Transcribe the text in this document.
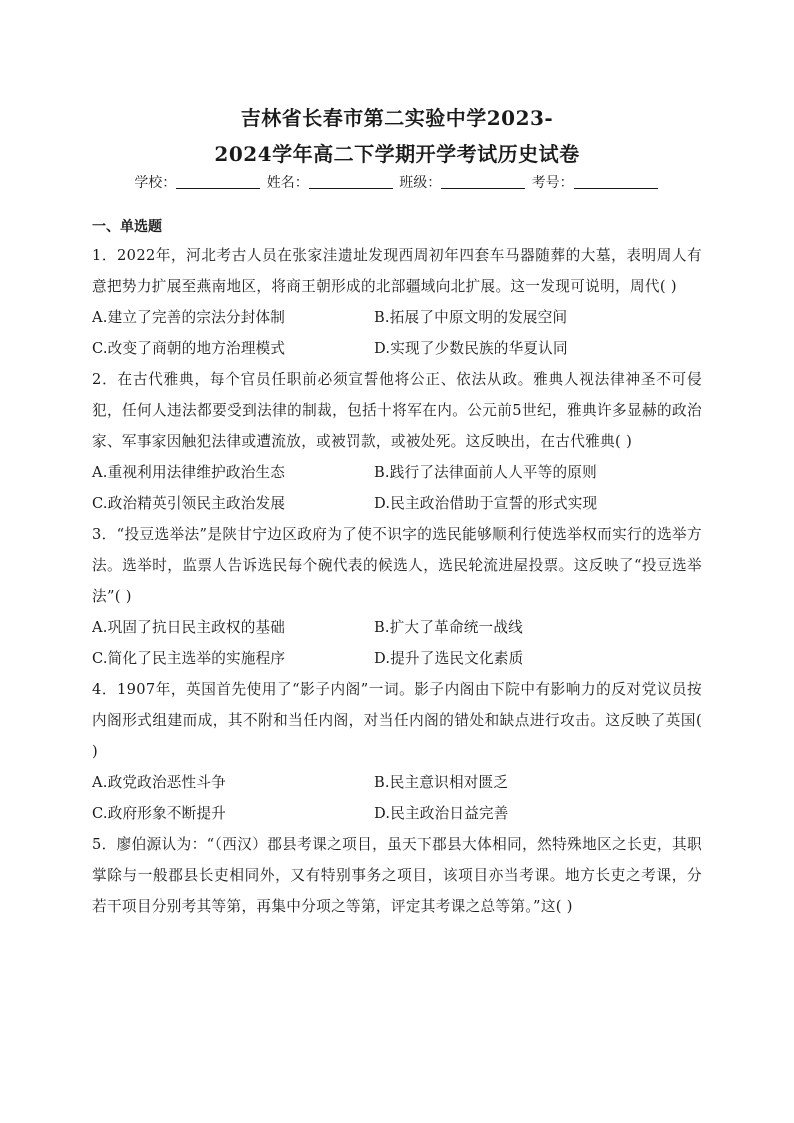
吉林省长春市第二实验中学2023-
2024学年高二下学期开学考试历史试卷
学校：	姓名：	班级：	考号：
一、单选题

1．2022年，河北考古人员在张家洼遗址发现西周初年四套车马器随葬的大墓，表明周人有意把势力扩展至燕南地区，将商王朝形成的北部疆域向北扩展。这一发现可说明，周代( )

A.建立了完善的宗法分封体制	B.拓展了中原文明的发展空间
C.改变了商朝的地方治理模式	D.实现了少数民族的华夏认同

2．在古代雅典，每个官员任职前必须宣誓他将公正、依法从政。雅典人视法律神圣不可侵犯，任何人违法都要受到法律的制裁，包括十将军在内。公元前5世纪，雅典许多显赫的政治家、军事家因触犯法律或遭流放，或被罚款，或被处死。这反映出，在古代雅典( )

A.重视利用法律维护政治生态	B.践行了法律面前人人平等的原则
C.政治精英引领民主政治发展	D.民主政治借助于宣誓的形式实现

3．“投豆选举法”是陕甘宁边区政府为了使不识字的选民能够顺利行使选举权而实行的选举方法。选举时，监票人告诉选民每个碗代表的候选人，选民轮流进屋投票。这反映了“投豆选举法”( )

A.巩固了抗日民主政权的基础	B.扩大了革命统一战线
C.简化了民主选举的实施程序	D.提升了选民文化素质

4．1907年，英国首先使用了“影子内阁”一词。影子内阁由下院中有影响力的反对党议员按内阁形式组建而成，其不附和当任内阁，对当任内阁的错处和缺点进行攻击。这反映了英国( )

A.政党政治恶性斗争	B.民主意识相对匮乏
C.政府形象不断提升	D.民主政治日益完善

5．廖伯源认为：“（西汉）郡县考课之项目，虽天下郡县大体相同，然特殊地区之长吏，其职掌除与一般郡县长吏相同外，又有特别事务之项目，该项目亦当考课。地方长吏之考课，分若干项目分别考其等第，再集中分项之等第，评定其考课之总等第。”这( )
